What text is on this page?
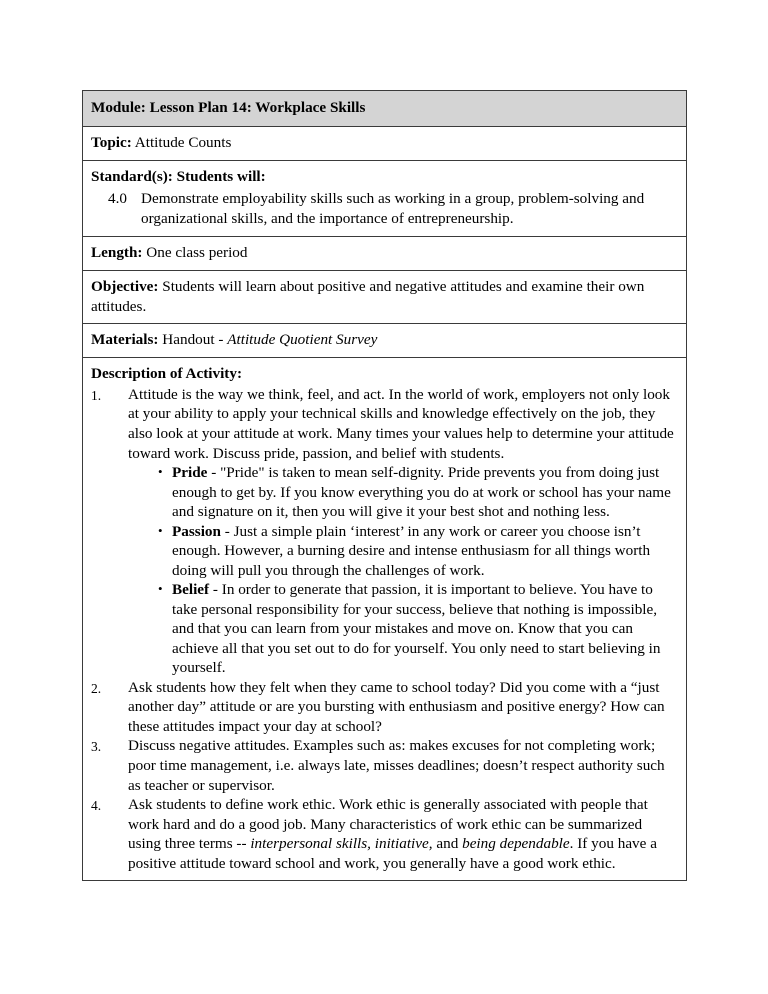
Module: Lesson Plan 14: Workplace Skills
Topic: Attitude Counts

Standard(s): Students will:
4.0 Demonstrate employability skills such as working in a group, problem-solving and organizational skills, and the importance of entrepreneurship.

Length: One class period
Objective: Students will learn about positive and negative attitudes and examine their own attitudes.
Materials: Handout - Attitude Quotient Survey

Description of Activity:
1.	Attitude is the way we think, feel, and act. In the world of work, employers not only look at your ability to apply your technical skills and knowledge effectively on the job, they also look at your attitude at work. Many times your values help to determine your attitude toward work. Discuss pride, passion, and belief with students.
• Pride - "Pride" is taken to mean self-dignity. Pride prevents you from doing just enough to get by. If you know everything you do at work or school has your name and signature on it, then you will give it your best shot and nothing less.
• Passion - Just a simple plain ‘interest’ in any work or career you choose isn’t enough. However, a burning desire and intense enthusiasm for all things worth doing will pull you through the challenges of work.
• Belief - In order to generate that passion, it is important to believe. You have to take personal responsibility for your success, believe that nothing is impossible, and that you can learn from your mistakes and move on. Know that you can achieve all that you set out to do for yourself. You only need to start believing in yourself.
2.	Ask students how they felt when they came to school today? Did you come with a “just another day” attitude or are you bursting with enthusiasm and positive energy? How can these attitudes impact your day at school?
3.	Discuss negative attitudes. Examples such as: makes excuses for not completing work; poor time management, i.e. always late, misses deadlines; doesn’t respect authority such as teacher or supervisor.
4.	Ask students to define work ethic. Work ethic is generally associated with people that work hard and do a good job. Many characteristics of work ethic can be summarized using three terms -- interpersonal skills, initiative, and being dependable. If you have a positive attitude toward school and work, you generally have a good work ethic.
